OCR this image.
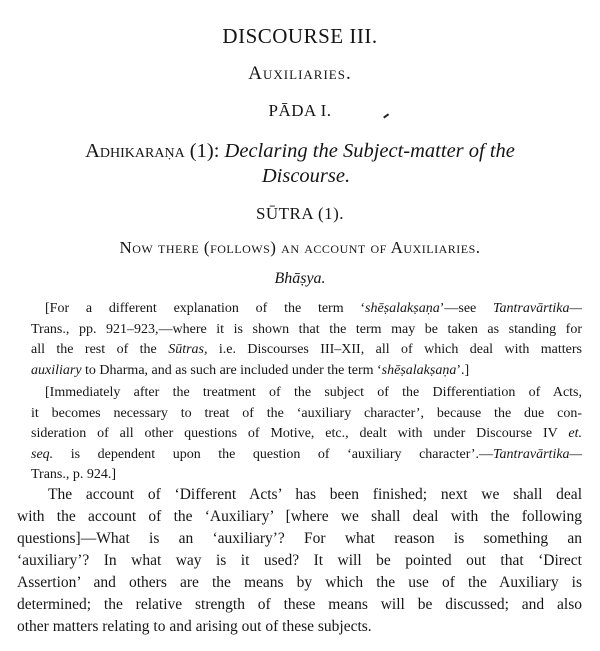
DISCOURSE III.
Auxiliaries.
PĀDA I.
Adhikaraṇa (1): Declaring the Subject-matter of the
Discourse.
SŪTRA (1).
Now there (follows) an account of Auxiliaries.
Bhāṣya.
[For a different explanation of the term ‘shēṣalakṣaṇa’—see Tantravārtika—
Trans., pp. 921–923,—where it is shown that the term may be taken as standing for
all the rest of the Sūtras, i.e. Discourses III–XII, all of which deal with matters
auxiliary to Dharma, and as such are included under the term ‘shēṣalakṣaṇa’.]
[Immediately after the treatment of the subject of the Differentiation of Acts,
it becomes necessary to treat of the ‘auxiliary character’, because the due con-
sideration of all other questions of Motive, etc., dealt with under Discourse IV et.
seq. is dependent upon the question of ‘auxiliary character’.—Tantravārtika—
Trans., p. 924.]
The account of ‘Different Acts’ has been finished; next we shall deal
with the account of the ‘Auxiliary’ [where we shall deal with the following
questions]—What is an ‘auxiliary’? For what reason is something an
‘auxiliary’? In what way is it used? It will be pointed out that ‘Direct
Assertion’ and others are the means by which the use of the Auxiliary is
determined; the relative strength of these means will be discussed; and also
other matters relating to and arising out of these subjects.
